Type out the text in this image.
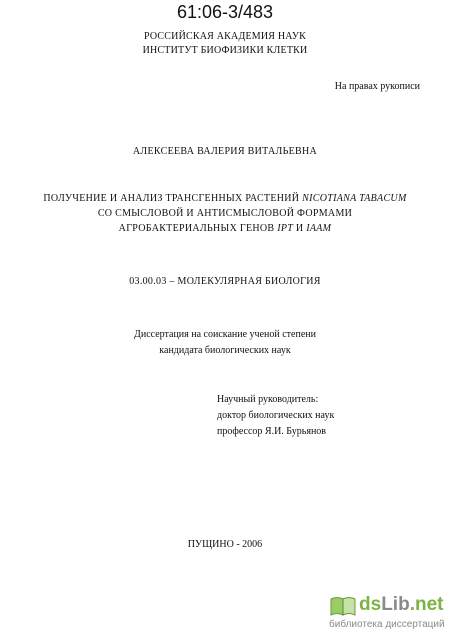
61:06-3/483
РОССИЙСКАЯ АКАДЕМИЯ НАУК
ИНСТИТУТ БИОФИЗИКИ КЛЕТКИ
На правах рукописи
АЛЕКСЕЕВА ВАЛЕРИЯ ВИТАЛЬЕВНА
ПОЛУЧЕНИЕ И АНАЛИЗ ТРАНСГЕННЫХ РАСТЕНИЙ NICOTIANA TABACUM
СО СМЫСЛОВОЙ И АНТИСМЫСЛОВОЙ ФОРМАМИ
АГРОБАКТЕРИАЛЬНЫХ ГЕНОВ IPT И IAAM
03.00.03 – МОЛЕКУЛЯРНАЯ БИОЛОГИЯ
Диссертация на соискание ученой степени
кандидата биологических наук
Научный руководитель:
доктор биологических наук
профессор Я.И. Бурьянов
ПУЩИНО - 2006
dsLib.net
библиотека диссертаций
